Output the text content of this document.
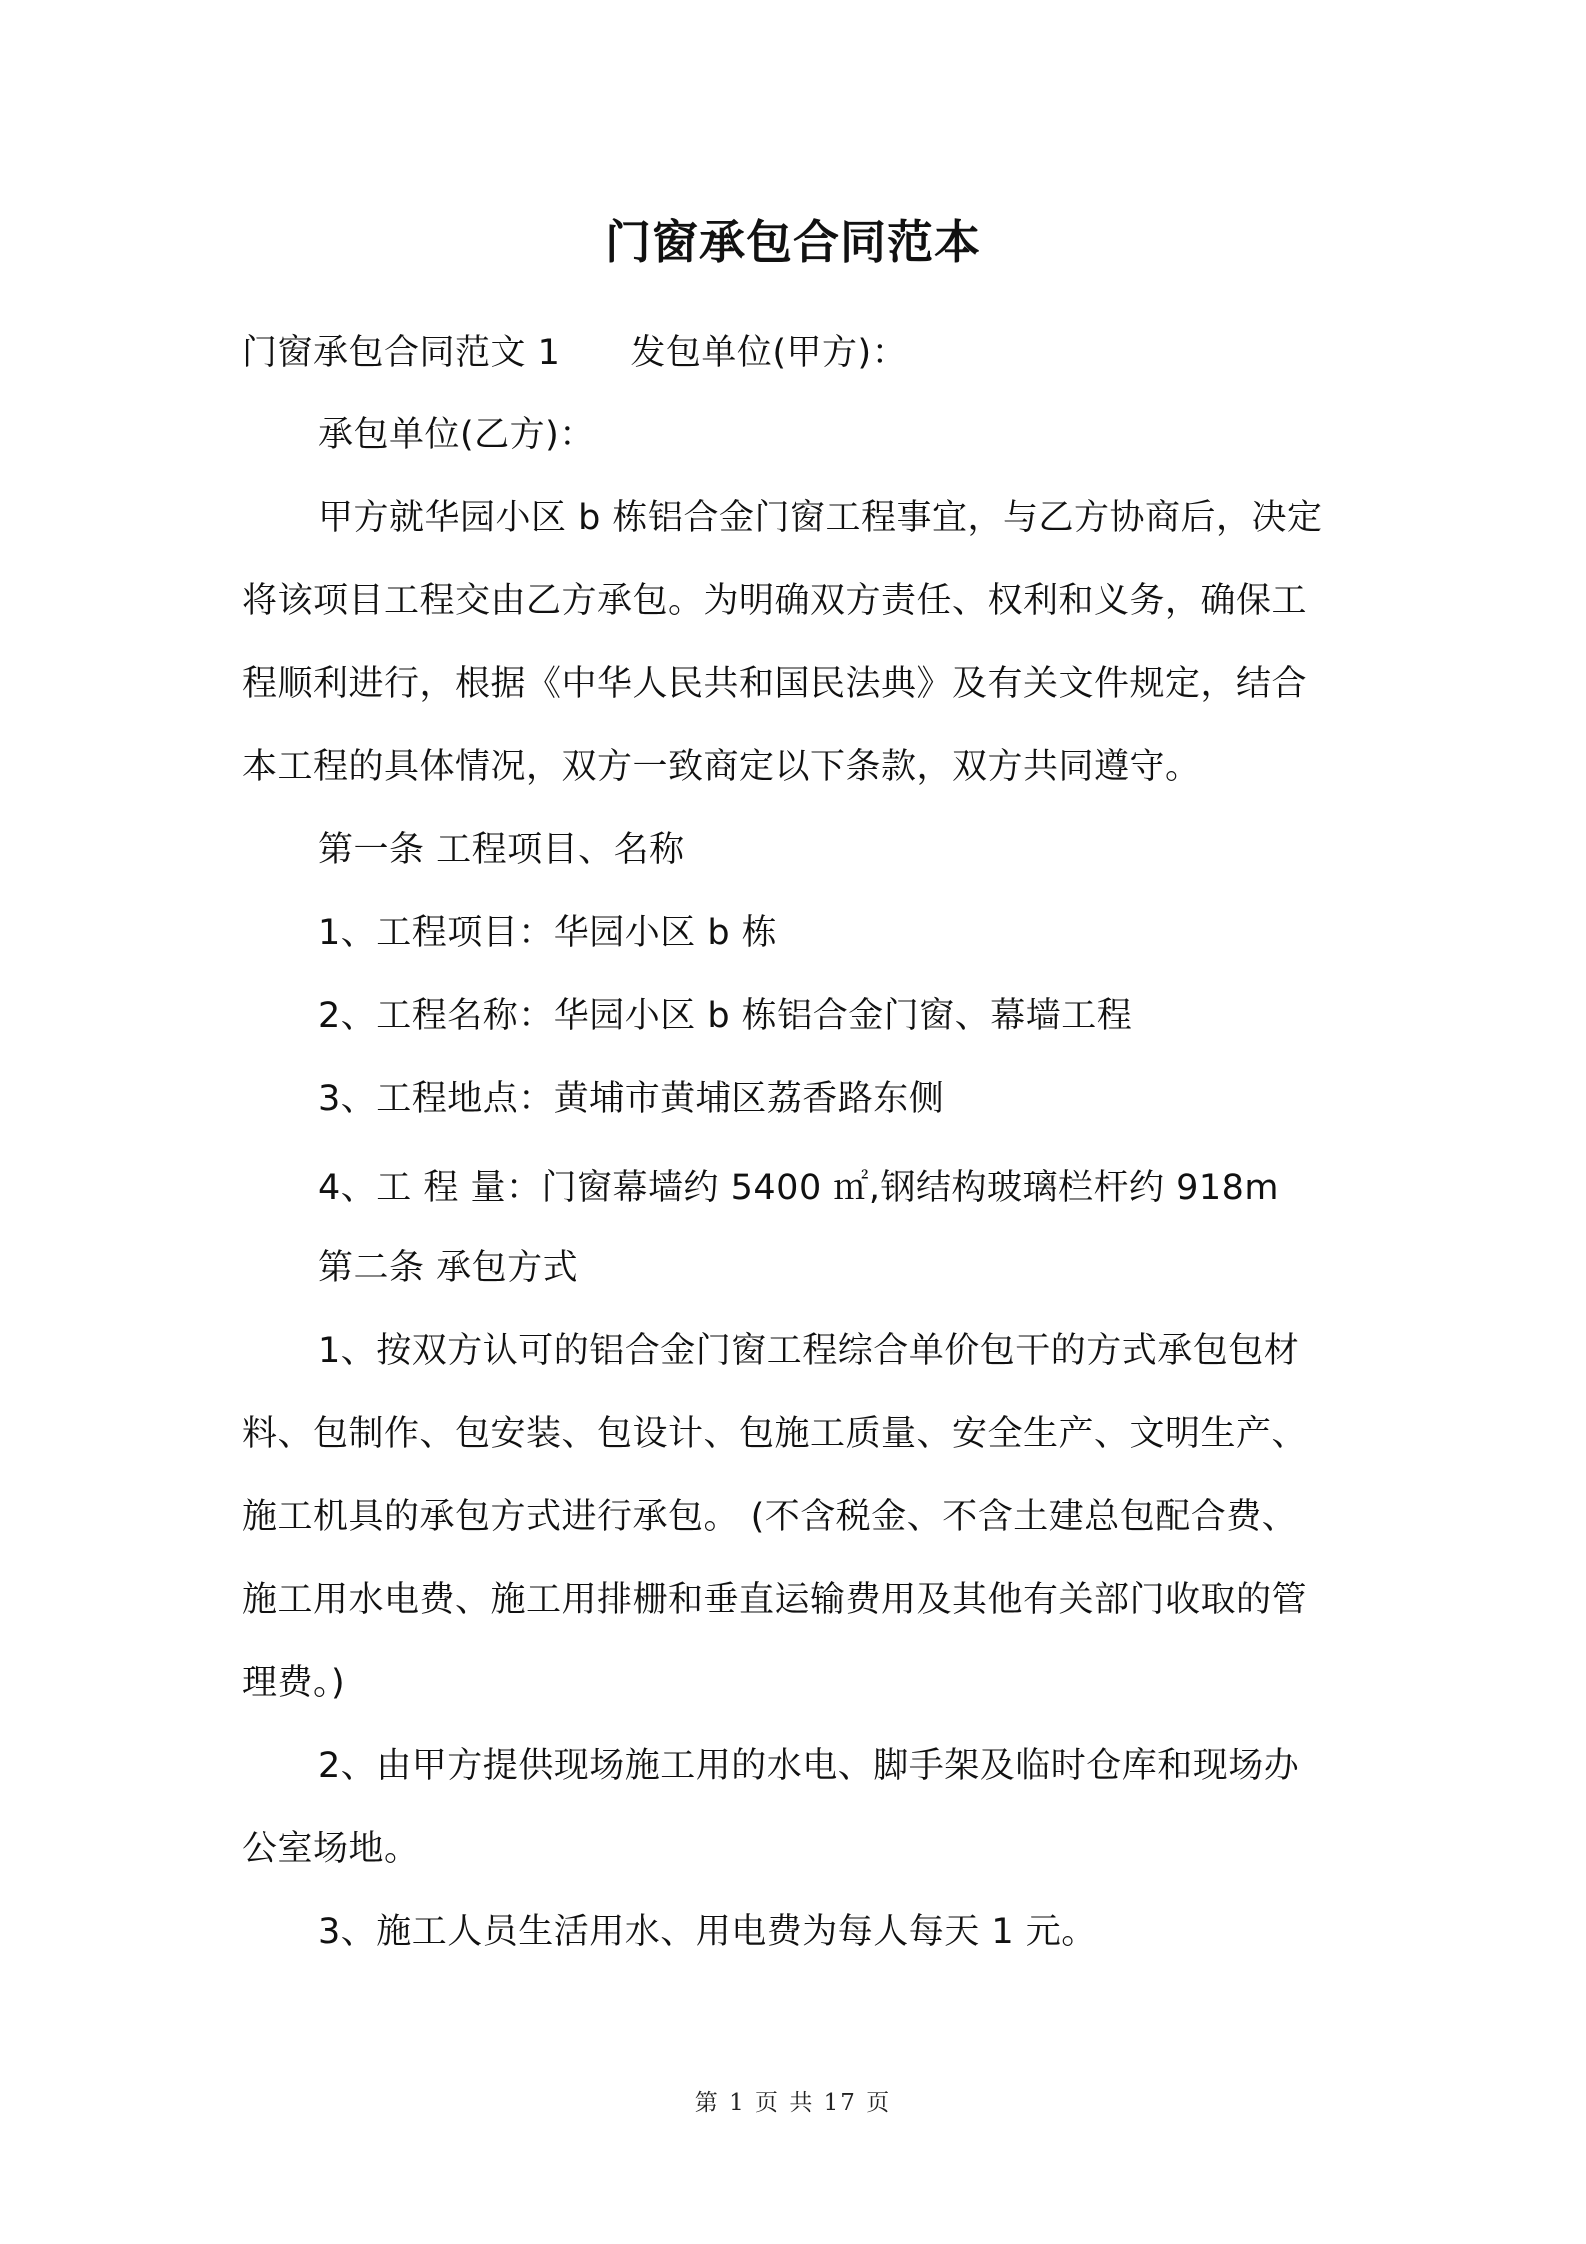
门窗承包合同范本
门窗承包合同范文 1 发包单位(甲方)：
承包单位(乙方)：
甲方就华园小区 b 栋铝合金门窗工程事宜，与乙方协商后，决定
将该项目工程交由乙方承包。为明确双方责任、权利和义务，确保工
程顺利进行，根据《中华人民共和国民法典》及有关文件规定，结合
本工程的具体情况，双方一致商定以下条款，双方共同遵守。
第一条 工程项目、名称
1、工程项目：华园小区 b 栋
2、工程名称：华园小区 b 栋铝合金门窗、幕墙工程
3、工程地点：黄埔市黄埔区荔香路东侧
4、工 程 量：门窗幕墙约 5400 ㎡,钢结构玻璃栏杆约 918m
第二条 承包方式
1、按双方认可的铝合金门窗工程综合单价包干的方式承包包材
料、包制作、包安装、包设计、包施工质量、安全生产、文明生产、
施工机具的承包方式进行承包。 (不含税金、不含土建总包配合费、
施工用水电费、施工用排栅和垂直运输费用及其他有关部门收取的管
理费。)
2、由甲方提供现场施工用的水电、脚手架及临时仓库和现场办
公室场地。
3、施工人员生活用水、用电费为每人每天 1 元。
第 1 页 共 17 页
